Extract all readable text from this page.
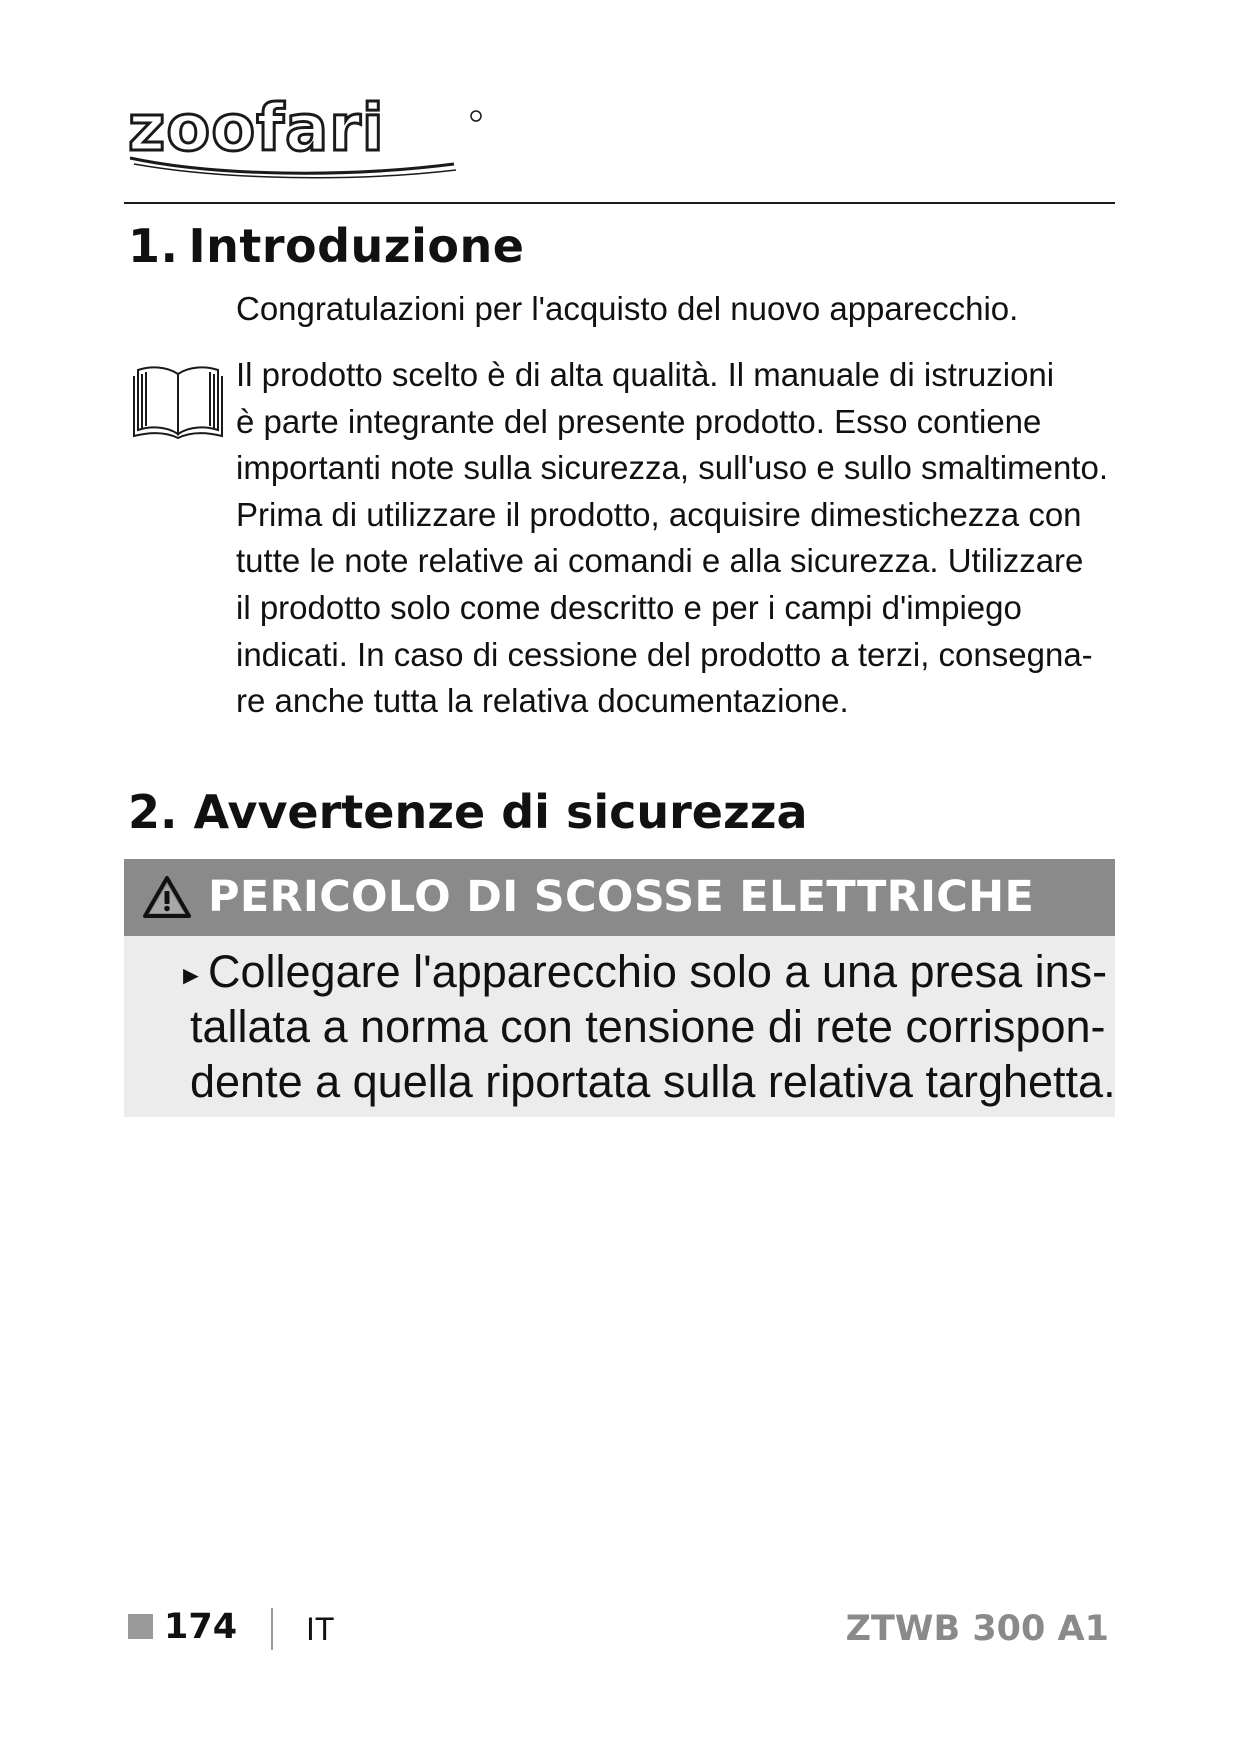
zoofari
1. Introduzione

Congratulazioni per l'acquisto del nuovo apparecchio.

Il prodotto scelto è di alta qualità. Il manuale di istruzioni
è parte integrante del presente prodotto. Esso contiene
importanti note sulla sicurezza, sull'uso e sullo smaltimento.
Prima di utilizzare il prodotto, acquisire dimestichezza con
tutte le note relative ai comandi e alla sicurezza. Utilizzare
il prodotto solo come descritto e per i campi d'impiego
indicati. In caso di cessione del prodotto a terzi, consegna-
re anche tutta la relativa documentazione.
2. Avvertenze di sicurezza
PERICOLO DI SCOSSE ELETTRICHE
► Collegare l'apparecchio solo a una presa ins-
tallata a norma con tensione di rete corrispon-
dente a quella riportata sulla relativa targhetta.
174 IT	ZTWB 300 A1
